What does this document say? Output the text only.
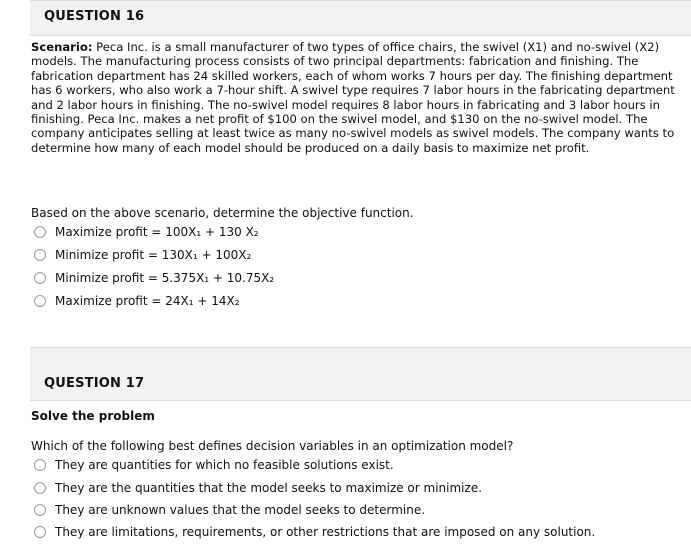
QUESTION 16

Scenario: Peca Inc. is a small manufacturer of two types of office chairs, the swivel (X1) and no-swivel (X2) models. The manufacturing process consists of two principal departments: fabrication and finishing. The fabrication department has 24 skilled workers, each of whom works 7 hours per day. The finishing department has 6 workers, who also work a 7-hour shift. A swivel type requires 7 labor hours in the fabricating department and 2 labor hours in finishing. The no-swivel model requires 8 labor hours in fabricating and 3 labor hours in finishing. Peca Inc. makes a net profit of $100 on the swivel model, and $130 on the no-swivel model. The company anticipates selling at least twice as many no-swivel models as swivel models. The company wants to determine how many of each model should be produced on a daily basis to maximize net profit.

Based on the above scenario, determine the objective function.

Maximize profit = 100X₁ + 130 X₂
Minimize profit = 130X₁ + 100X₂
Minimize profit = 5.375X₁ + 10.75X₂
Maximize profit = 24X₁ + 14X₂
QUESTION 17

Solve the problem

Which of the following best defines decision variables in an optimization model?

They are quantities for which no feasible solutions exist.
They are the quantities that the model seeks to maximize or minimize.
They are unknown values that the model seeks to determine.
They are limitations, requirements, or other restrictions that are imposed on any solution.
